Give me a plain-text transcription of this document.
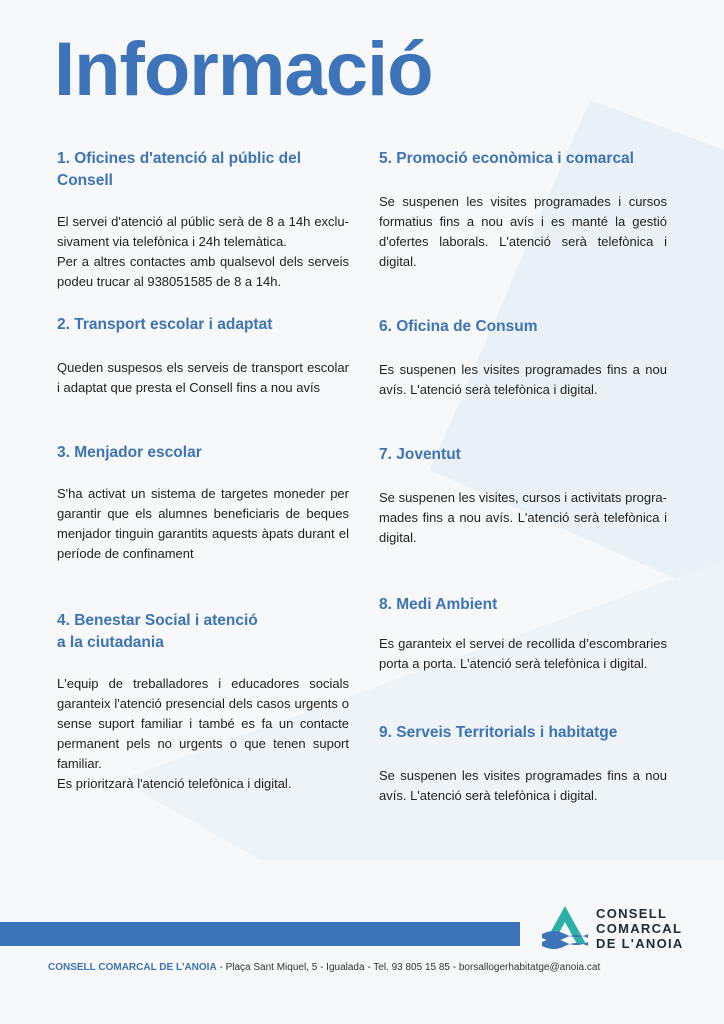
Informació
1. Oficines d'atenció al públic del Consell

El servei d'atenció al públic serà de 8 a 14h exclu-sivament via telefònica i 24h telemàtica.
Per a altres contactes amb qualsevol dels serveis podeu trucar al 938051585 de 8 a 14h.

2. Transport escolar i adaptat

Queden suspesos els serveis de transport escolar i adaptat que presta el Consell fins a nou avís

3. Menjador escolar

S'ha activat un sistema de targetes moneder per garantir que els alumnes beneficiaris de beques menjador tinguin garantits aquests àpats durant el període de confinament

4. Benestar Social i atenció
a la ciutadania

L'equip de treballadores i educadores socials garanteix l'atenció presencial dels casos urgents o sense suport familiar i també es fa un contacte permanent pels no urgents o que tenen suport familiar.
Es prioritzarà l'atenció telefònica i digital.

5. Promoció econòmica i comarcal

Se suspenen les visites programades i cursos formatius fins a nou avís i es manté la gestió d'ofertes laborals. L'atenció serà telefònica i digital.

6. Oficina de Consum

Es suspenen les visites programades fins a nou avís. L'atenció serà telefònica i digital.

7. Joventut

Se suspenen les visites, cursos i activitats progra-mades fins a nou avís. L'atenció serà telefònica i digital.

8. Medi Ambient

Es garanteix el servei de recollida d’escombraries porta a porta. L'atenció serà telefònica i digital.

9. Serveis Territorials i habitatge

Se suspenen les visites programades fins a nou avís. L'atenció serà telefònica i digital.

CONSELL
COMARCAL
DE L'ANOIA
CONSELL COMARCAL DE L'ANOIA - Plaça Sant Miquel, 5 - Igualada - Tel. 93 805 15 85 - borsallogerhabitatge@anoia.cat
